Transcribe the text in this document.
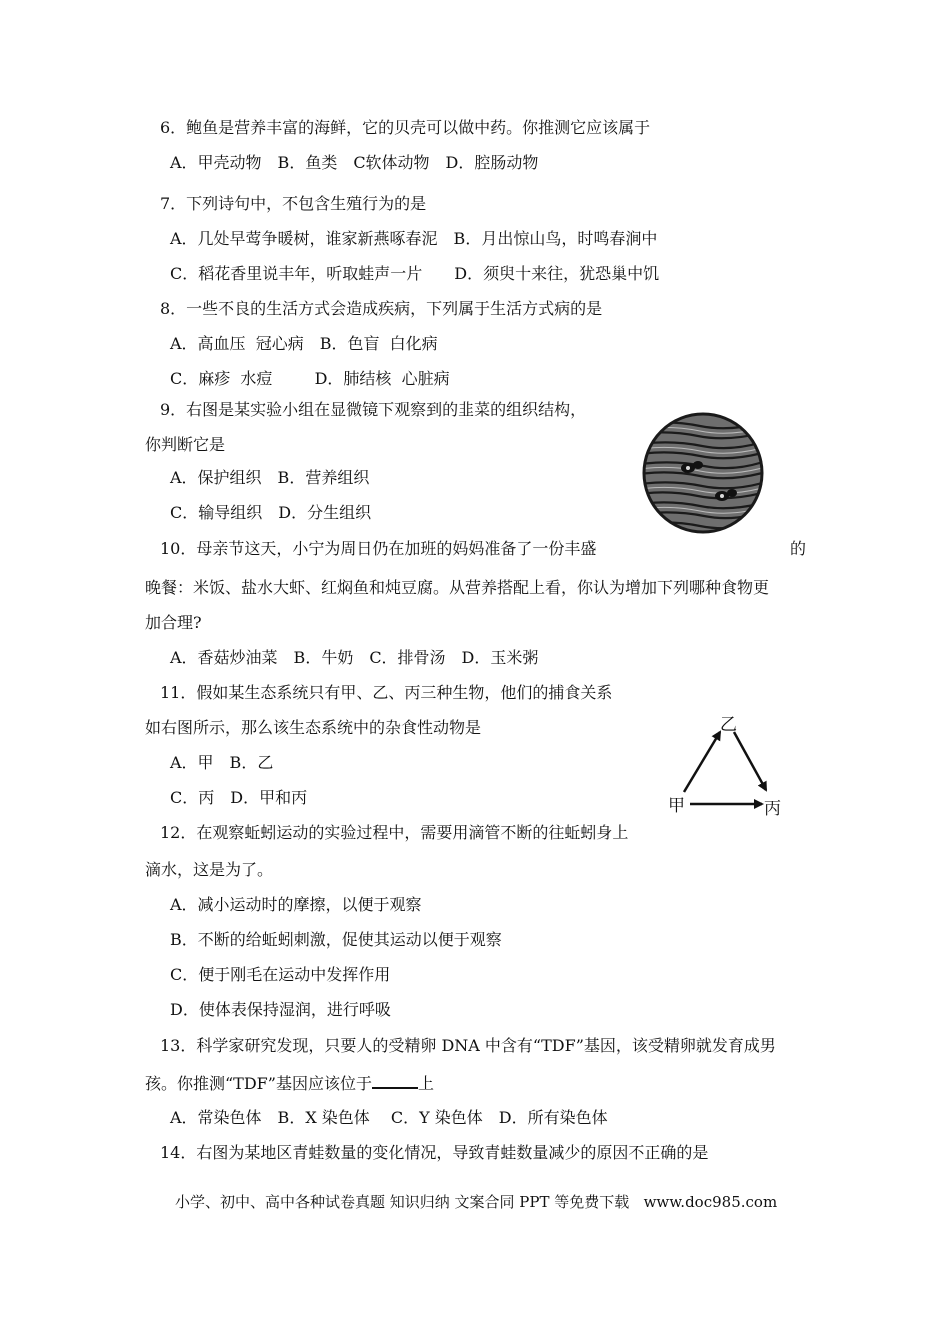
6．鲍鱼是营养丰富的海鲜，它的贝壳可以做中药。你推测它应该属于
A．甲壳动物　B．鱼类　C软体动物　D．腔肠动物
7．下列诗句中，不包含生殖行为的是
A．几处早莺争暖树，谁家新燕啄春泥　B．月出惊山鸟，时鸣春涧中
C．稻花香里说丰年，听取蛙声一片　　D．须臾十来往，犹恐巢中饥
8．一些不良的生活方式会造成疾病，下列属于生活方式病的是
A．高血压  冠心病　B．色盲  白化病
C．麻疹  水痘　　  D．肺结核  心脏病
9．右图是某实验小组在显微镜下观察到的韭菜的组织结构，
你判断它是
A．保护组织　B．营养组织
C．输导组织　D．分生组织
10．母亲节这天，小宁为周日仍在加班的妈妈准备了一份丰盛	的
晚餐：米饭、盐水大虾、红焖鱼和炖豆腐。从营养搭配上看，你认为增加下列哪种食物更
加合理?
A．香菇炒油菜　B．牛奶　C．排骨汤　D．玉米粥
11．假如某生态系统只有甲、乙、丙三种生物，他们的捕食关系
如右图所示，那么该生态系统中的杂食性动物是
A．甲　B．乙
C．丙　D．甲和丙
乙
甲	丙
12．在观察蚯蚓运动的实验过程中，需要用滴管不断的往蚯蚓身上
滴水，这是为了。
A．减小运动时的摩擦，以便于观察
B．不断的给蚯蚓刺激，促使其运动以便于观察
C．便于刚毛在运动中发挥作用
D．使体表保持湿润，进行呼吸
13．科学家研究发现，只要人的受精卵 DNA 中含有“TDF”基因，该受精卵就发育成男
孩。你推测“TDF”基因应该位于	上
A．常染色体　B．X 染色体　 C．Y 染色体　D．所有染色体
14．右图为某地区青蛙数量的变化情况，导致青蛙数量减少的原因不正确的是
小学、初中、高中各种试卷真题 知识归纳 文案合同 PPT 等免费下载   www.doc985.com
